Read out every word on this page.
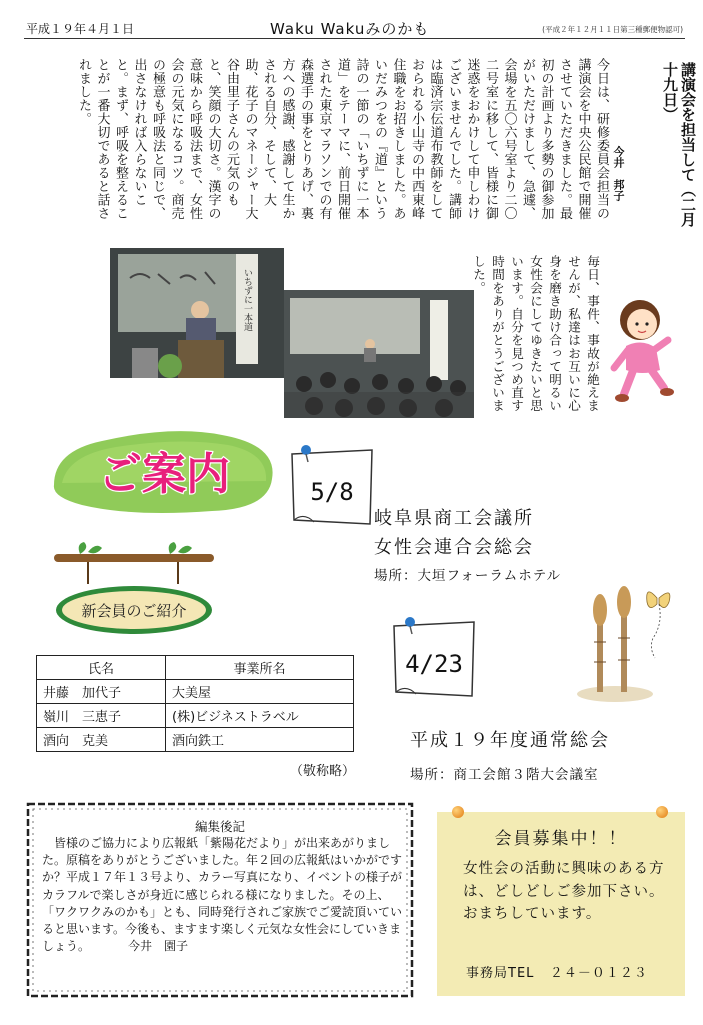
平成１９年４月１日	Waku Wakuみのかも	(平成２年１２月１１日第三種郵便物認可)
講演会を担当して（二月十九日）
今井　邦子
今日は、研修委員会担当の講演会を中央公民館で開催させていただきました。最初の計画より多勢の御参加がいただけまして、急遽、会場を五〇六号室より二〇二号室に移して、皆様に御迷惑をおかけして申しわけございませんでした。講師は臨済宗伝道布教師をしておられる小山寺の中西東峰住職をお招きしました。あいだみつをの『道』という詩の一節の「いちずに一本道」をテーマに、前日開催された東京マラソンでの有森選手の事をとりあげ、裏方への感謝、感謝して生かされる自分、そして、大助、花子のマネージャー大谷由里子さんの元気のもと、笑顔の大切さ。漢字の意味から呼吸法まで、女性会の元気になるコツ。商売の極意も呼吸法と同じで、出さなければ入らないこと。まず、呼吸を整えることが一番大切であると話されました。
いちずに一本道	毎日、事件、事故が絶えませんが、私達はお互いに心身を磨き助け合って明るい女性会にしてゆきたいと思います。自分を見つめ直す時間をありがとうございました。
ご案内
新会員のご紹介
5/8
岐阜県商工会議所
女性会連合会総会
場所：大垣フォーラムホテル
4/23
平成１９年度通常総会
場所：商工会館３階大会議室
氏名	事業所名
井藤　加代子	大美屋
嶺川　三恵子	(株)ビジネストラベル
酒向　克美	酒向鉄工
（敬称略）
編集後記
皆様のご協力により広報紙「紫陽花だより」が出来あがりました。原稿をありがとうございました。年２回の広報紙はいかがですか？平成１７年１３号より、カラー写真になり、イベントの様子がカラフルで楽しさが身近に感じられる様になりました。その上、「ワクワクみのかも」とも、同時発行されご家族でご愛読頂いていると思います。今後も、ますます楽しく元気な女性会にしていきましょう。	今井　園子
会員募集中！！
女性会の活動に興味のある方は、どしどしご参加下さい。おまちしています。
事務局TEL ２４－０１２３
